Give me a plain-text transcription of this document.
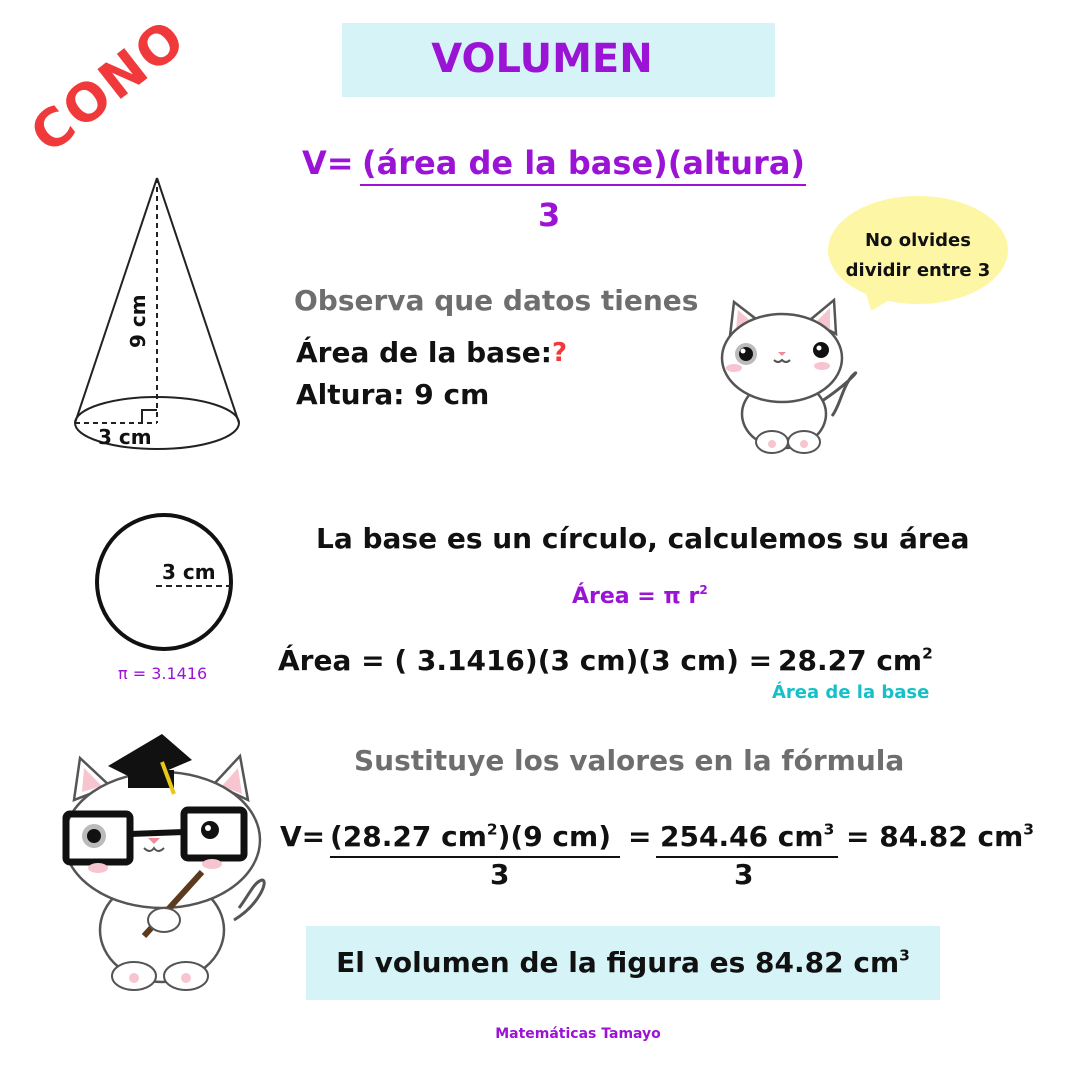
VOLUMEN
CONO	V= (área de la base)(altura)
3
No olvides dividir entre 3
9 cm
3 cm
Observa que datos tienes
Área de la base: ?
Altura: 9 cm
3 cm
π = 3.1416
La base es un círculo, calculemos su área
Área = π $r^2$
Área = ( 3.1416)(3 cm)(3 cm) = 28.27 $cm^2$
Área de la base
Sustituye los valores en la fórmula
V= (28.27 $cm^2)(9$ cm)
3
= 254.46 $cm^3$
3
= 84.82 $cm^3$
El volumen de la figura es 84.82 $cm^3$
Matemáticas Tamayo
